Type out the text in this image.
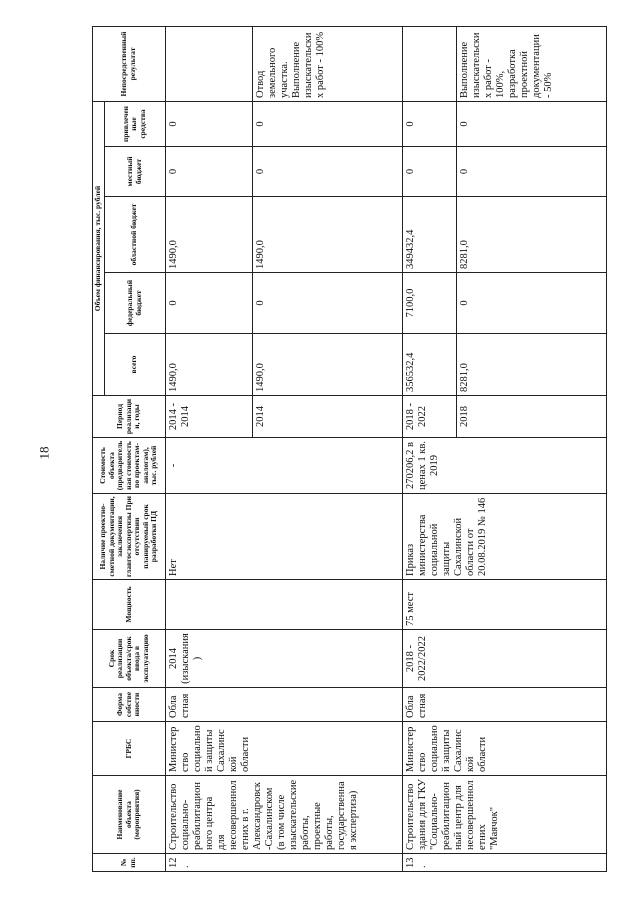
18
№ пп.	Наименование объекта (мероприятия)	ГРБС	Форма собственности	Срок реализации объекта/срок ввода в эксплуатацию	Мощность	Наличие проектно-сметной документации, заключения главгосэкспертизы При отсутствии планируемый срок разработки ПД	Стоимость объекта (предварительная стоимость по проектам-аналогам), тыс. рублей	Период реализации, годы	Объем финансирования, тыс. рублей					Непосредственный результат
									всего	федеральный бюджет	областной бюджет	местный бюджет	привлеченные средства	
12.	Строительство социально-реабилитационного центра для несовершеннолетних в г. Александровск-Сахалинском (в том числе изыскательские работы, проектные работы, государственная экспертиза)	Министерство социальной защиты Сахалинской области	Областная	2014 (изыскания)		Нет	-	2014 - 2014	1490,0	0	1490,0	0	0	
								2014	1490,0	0	1490,0	0	0	Отвод земельного участка. Выполнение изыскательских работ - 100%
13.	Строительство здания для ГКУ "Социально-реабилитационный центр для несовершеннолетних "Маячок"	Министерство социальной защиты Сахалинской области	Областная	2018 - 2022/2022	75 мест	Приказ министерства социальной защиты Сахалинской области от 20.08.2019 № 146	270206,2 в ценах 1 кв. 2019	2018 - 2022	356532,4	7100,0	349432,4	0	0	
								2018	8281,0	0	8281,0	0	0	Выполнение изыскательских работ - 100%, разработка проектной документации - 50%
